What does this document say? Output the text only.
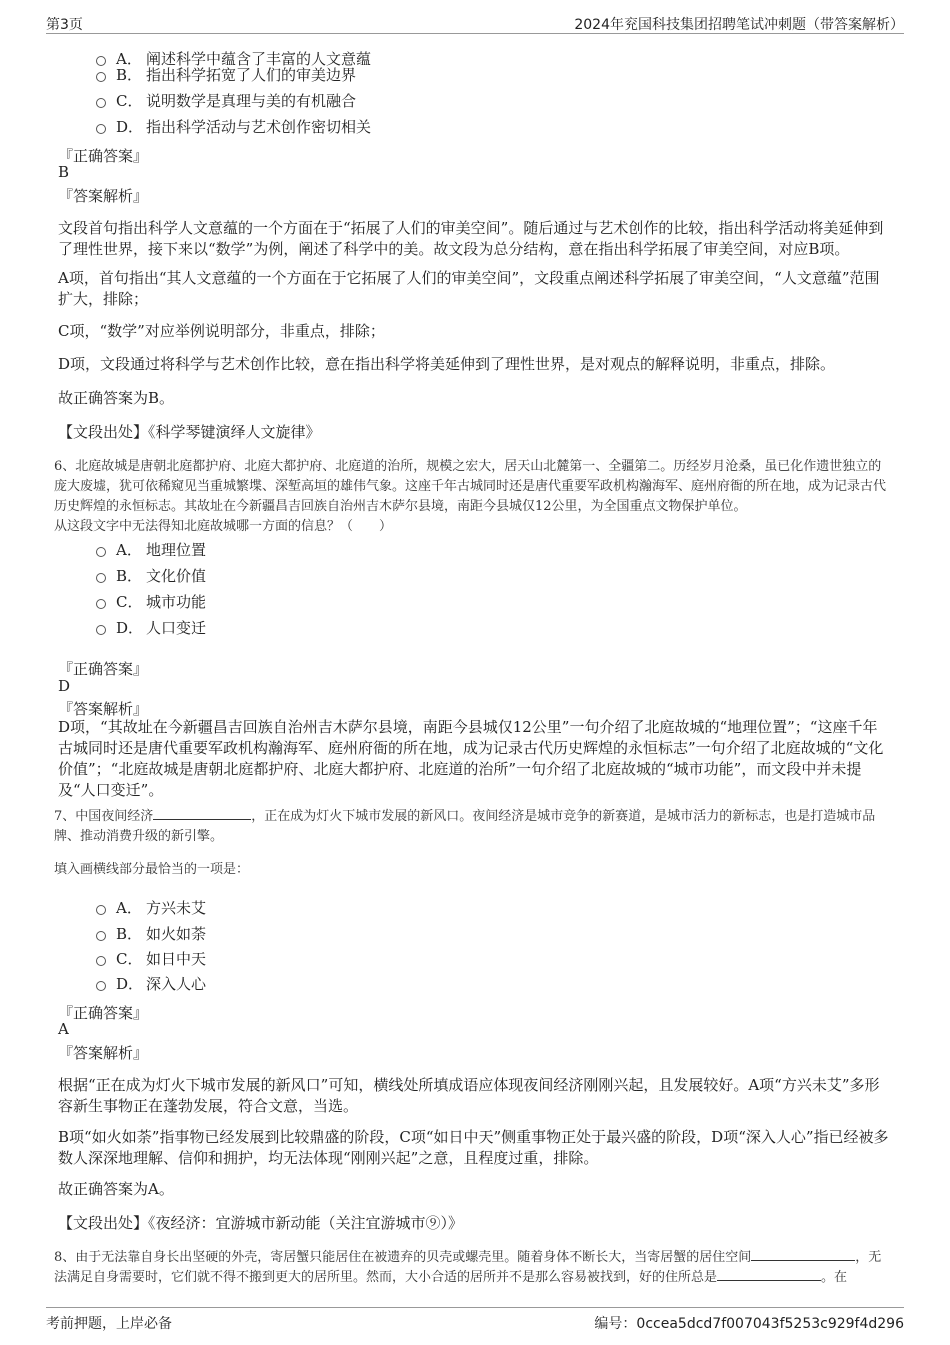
第3页	2024年兖国科技集团招聘笔试冲刺题（带答案解析）
A． 阐述科学中蕴含了丰富的人文意蕴
B． 指出科学拓宽了人们的审美边界
C． 说明数学是真理与美的有机融合
D． 指出科学活动与艺术创作密切相关
『正确答案』
B
『答案解析』
文段首句指出科学人文意蕴的一个方面在于“拓展了人们的审美空间”。随后通过与艺术创作的比较，指出科学活动将美延伸到了理性世界，接下来以“数学”为例，阐述了科学中的美。故文段为总分结构，意在指出科学拓展了审美空间，对应B项。
A项，首句指出“其人文意蕴的一个方面在于它拓展了人们的审美空间”，文段重点阐述科学拓展了审美空间，“人文意蕴”范围扩大，排除；
C项，“数学”对应举例说明部分，非重点，排除；
D项，文段通过将科学与艺术创作比较，意在指出科学将美延伸到了理性世界，是对观点的解释说明，非重点，排除。
故正确答案为B。
【文段出处】《科学琴键演绎人文旋律》
6、北庭故城是唐朝北庭都护府、北庭大都护府、北庭道的治所，规模之宏大，居天山北麓第一、全疆第二。历经岁月沧桑，虽已化作遗世独立的庞大废墟，犹可依稀窥见当重城繁堞、深堑高垣的雄伟气象。这座千年古城同时还是唐代重要军政机构瀚海军、庭州府衙的所在地，成为记录古代历史辉煌的永恒标志。其故址在今新疆昌吉回族自治州吉木萨尔县境，南距今县城仅12公里，为全国重点文物保护单位。
从这段文字中无法得知北庭故城哪一方面的信息？（　　）
A． 地理位置
B． 文化价值
C． 城市功能
D． 人口变迁
『正确答案』
D
『答案解析』
D项，“其故址在今新疆昌吉回族自治州吉木萨尔县境，南距今县城仅12公里”一句介绍了北庭故城的“地理位置”；“这座千年古城同时还是唐代重要军政机构瀚海军、庭州府衙的所在地，成为记录古代历史辉煌的永恒标志”一句介绍了北庭故城的“文化价值”；“北庭故城是唐朝北庭都护府、北庭大都护府、北庭道的治所”一句介绍了北庭故城的“城市功能”，而文段中并未提及“人口变迁”。
7、中国夜间经济	，正在成为灯火下城市发展的新风口。夜间经济是城市竞争的新赛道，是城市活力的新标志，也是打造城市品牌、推动消费升级的新引擎。
填入画横线部分最恰当的一项是：
A． 方兴未艾
B． 如火如荼
C． 如日中天
D． 深入人心
『正确答案』
A
『答案解析』
根据“正在成为灯火下城市发展的新风口”可知，横线处所填成语应体现夜间经济刚刚兴起，且发展较好。A项“方兴未艾”多形容新生事物正在蓬勃发展，符合文意，当选。
B项“如火如荼”指事物已经发展到比较鼎盛的阶段，C项“如日中天”侧重事物正处于最兴盛的阶段，D项“深入人心”指已经被多数人深深地理解、信仰和拥护，均无法体现“刚刚兴起”之意，且程度过重，排除。
故正确答案为A。
【文段出处】《夜经济：宜游城市新动能（关注宜游城市⑨）》
8、由于无法靠自身长出坚硬的外壳，寄居蟹只能居住在被遗弃的贝壳或螺壳里。随着身体不断长大，当寄居蟹的居住空间	，无法满足自身需要时，它们就不得不搬到更大的居所里。然而，大小合适的居所并不是那么容易被找到，好的住所总是	。在
考前押题，上岸必备	编号：0ccea5dcd7f007043f5253c929f4d296
